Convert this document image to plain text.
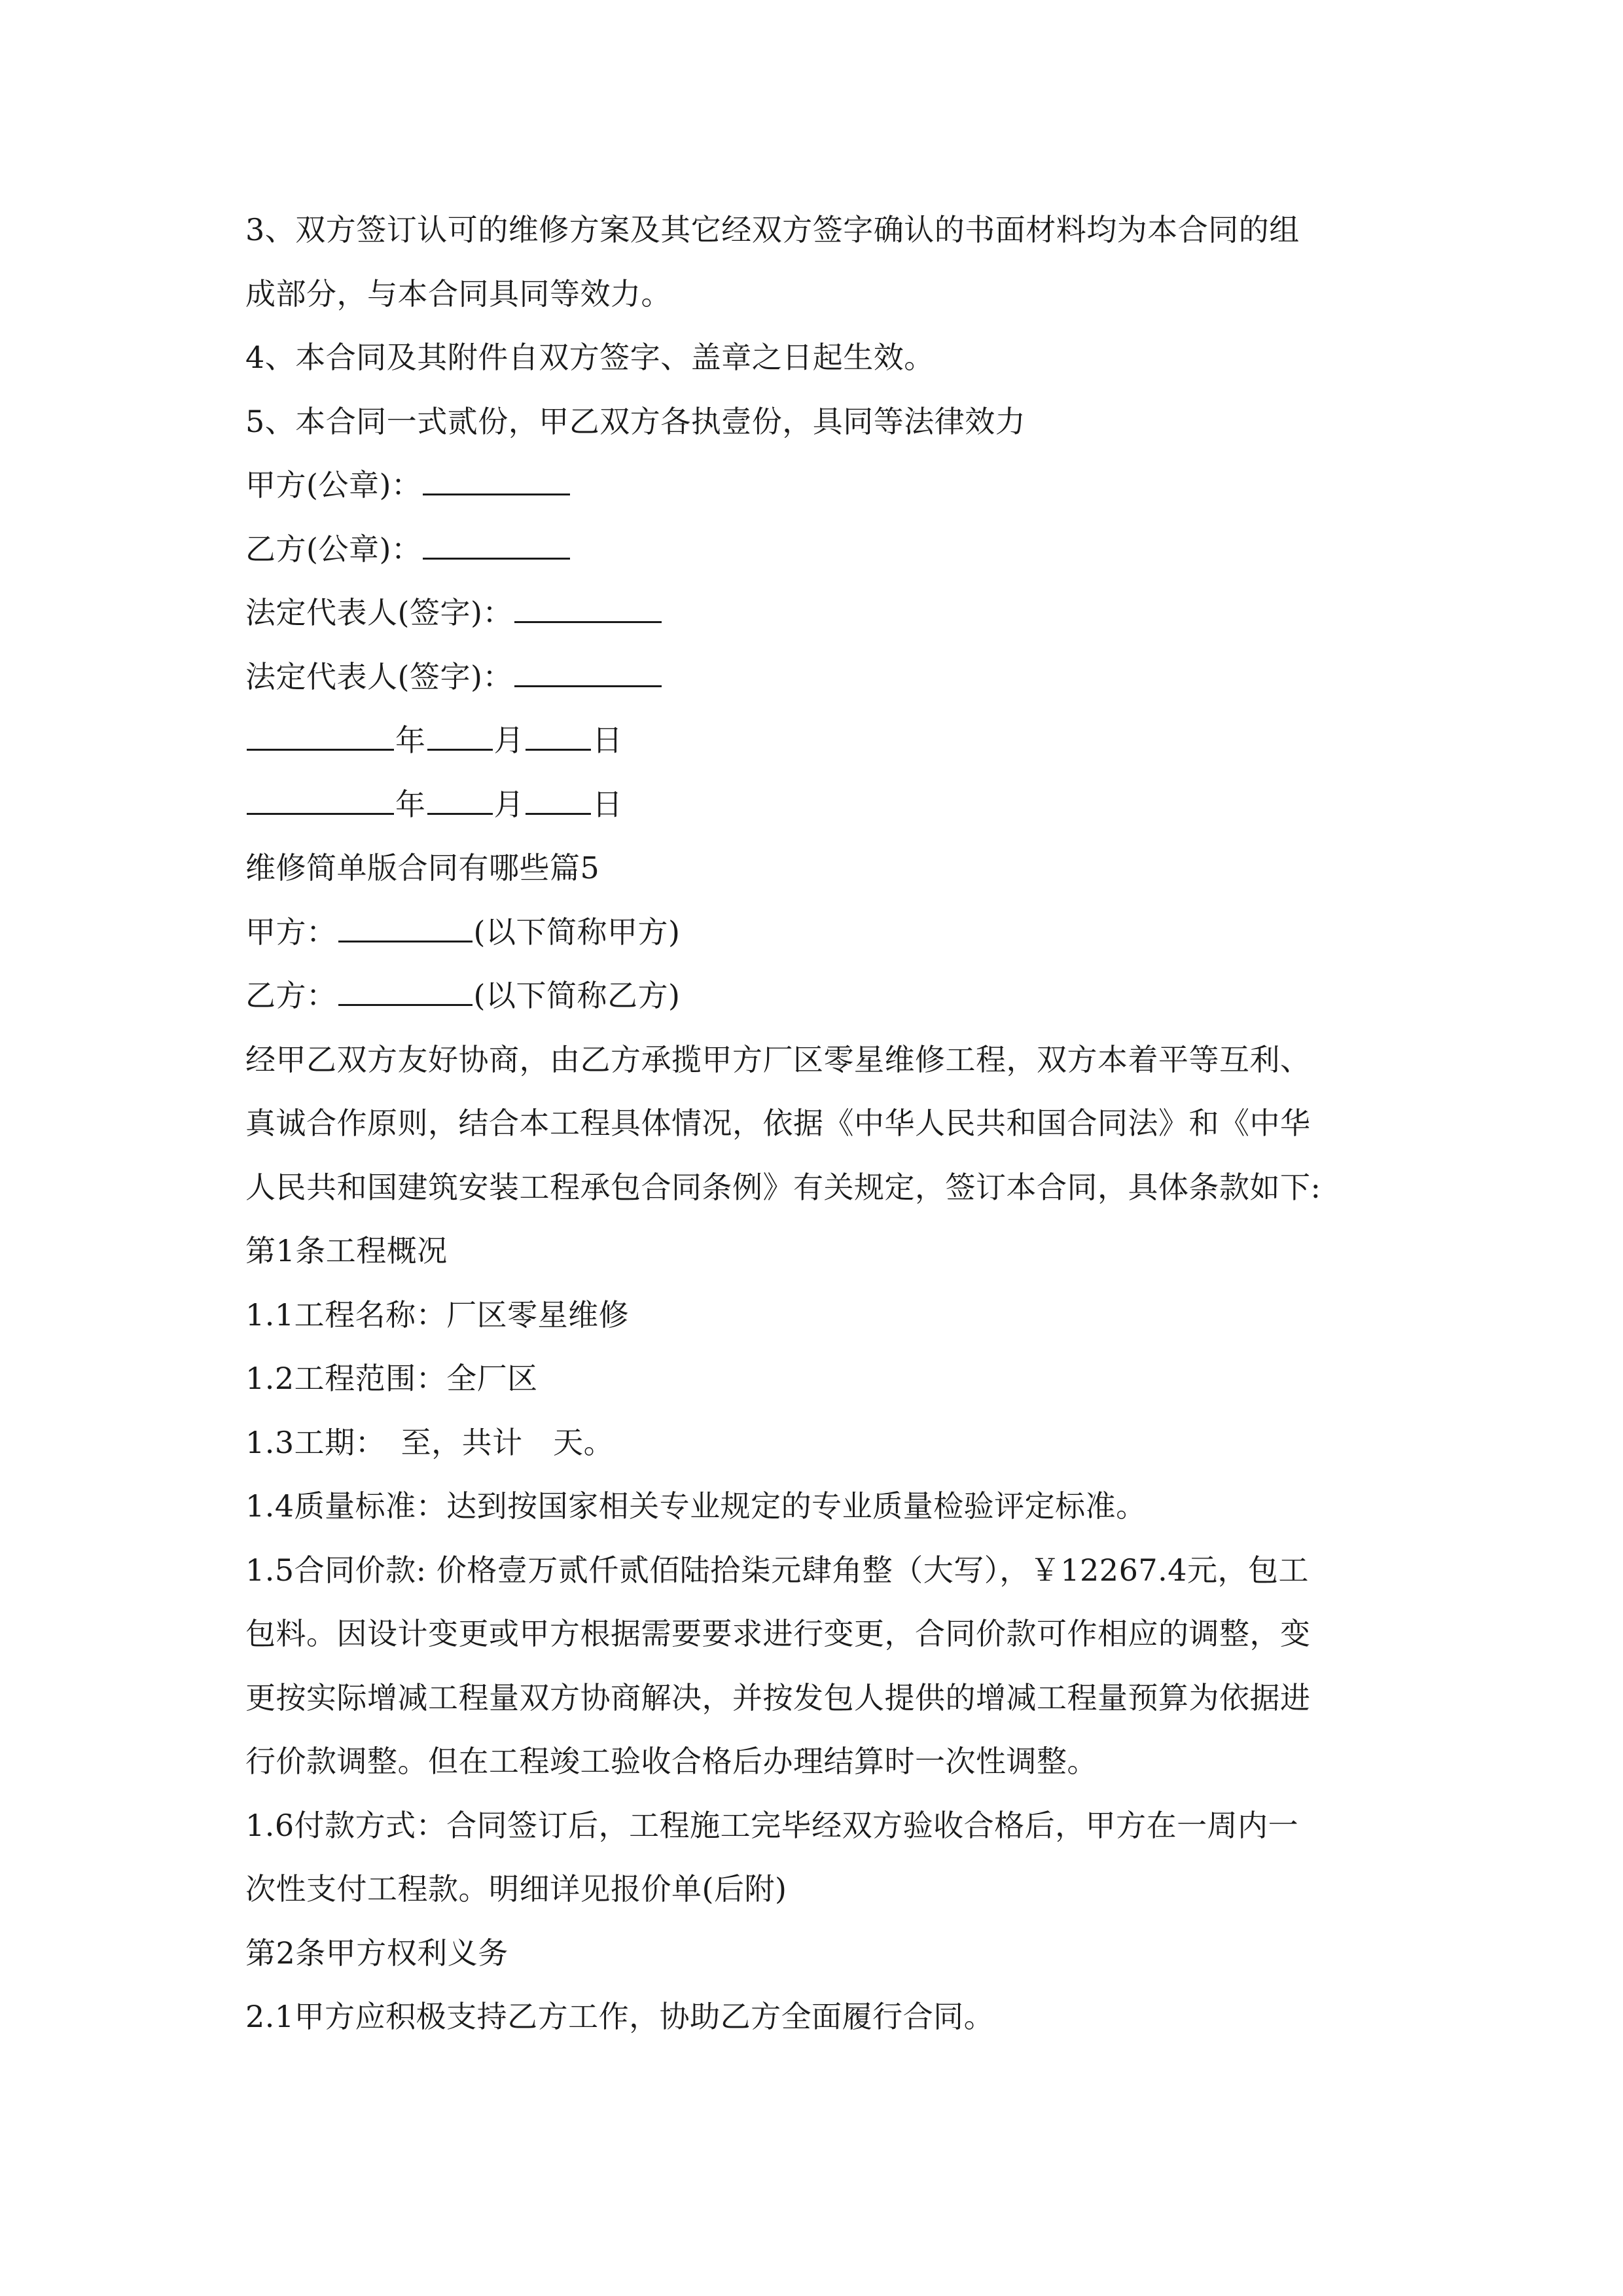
3、双方签订认可的维修方案及其它经双方签字确认的书面材料均为本合同的组
成部分，与本合同具同等效力。
4、本合同及其附件自双方签字、盖章之日起生效。
5、本合同一式贰份，甲乙双方各执壹份，具同等法律效力
甲方(公章)：
乙方(公章)：
法定代表人(签字)：
法定代表人(签字)：
年 月 日
年 月 日
维修简单版合同有哪些篇5
甲方：	(以下简称甲方)
乙方：	(以下简称乙方)
经甲乙双方友好协商，由乙方承揽甲方厂区零星维修工程，双方本着平等互利、
真诚合作原则，结合本工程具体情况，依据《中华人民共和国合同法》和《中华
人民共和国建筑安装工程承包合同条例》有关规定，签订本合同，具体条款如下:
第1条工程概况
1.1工程名称：厂区零星维修
1.2工程范围：全厂区
1.3工期：　至，共计　天。
1.4质量标准：达到按国家相关专业规定的专业质量检验评定标准。
1.5合同价款: 价格壹万贰仟贰佰陆拾柒元肆角整（大写），￥12267.4元，包工
包料。因设计变更或甲方根据需要要求进行变更，合同价款可作相应的调整，变
更按实际增减工程量双方协商解决，并按发包人提供的增减工程量预算为依据进
行价款调整。但在工程竣工验收合格后办理结算时一次性调整。
1.6付款方式：合同签订后，工程施工完毕经双方验收合格后，甲方在一周内一
次性支付工程款。明细详见报价单(后附)
第2条甲方权利义务
2.1甲方应积极支持乙方工作，协助乙方全面履行合同。
